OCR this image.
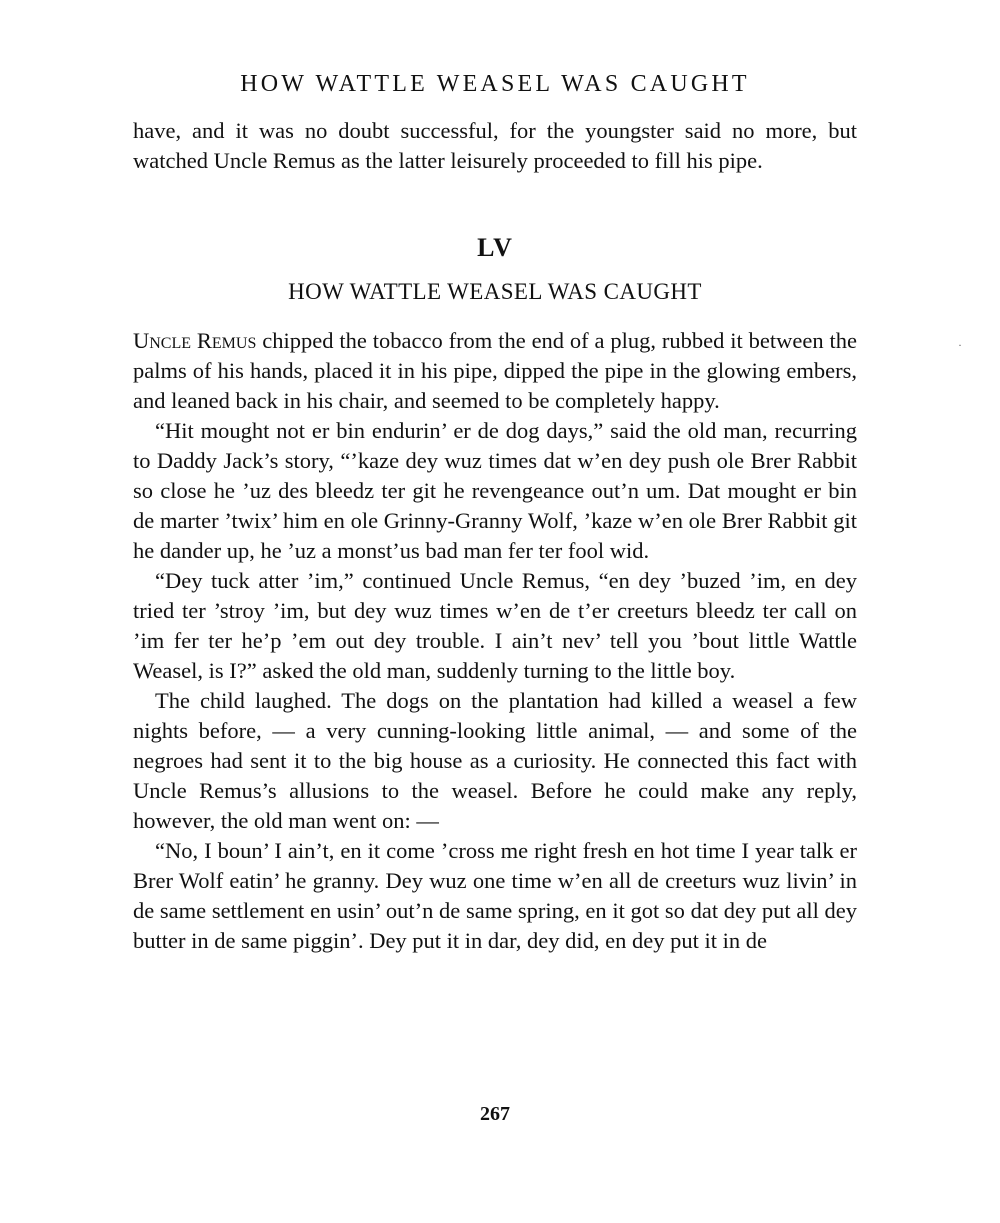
HOW WATTLE WEASEL WAS CAUGHT

have, and it was no doubt successful, for the youngster said no more, but watched Uncle Remus as the latter leisurely proceeded to fill his pipe.

LV
HOW WATTLE WEASEL WAS CAUGHT

Uncle Remus chipped the tobacco from the end of a plug, rubbed it between the palms of his hands, placed it in his pipe, dipped the pipe in the glowing embers, and leaned back in his chair, and seemed to be completely happy.

“Hit mought not er bin endurin’ er de dog days,” said the old man, recurring to Daddy Jack’s story, “’kaze dey wuz times dat w’en dey push ole Brer Rabbit so close he ’uz des bleedz ter git he revengeance out’n um. Dat mought er bin de marter ’twix’ him en ole Grinny-Granny Wolf, ’kaze w’en ole Brer Rabbit git he dander up, he ’uz a monst’us bad man fer ter fool wid.

“Dey tuck atter ’im,” continued Uncle Remus, “en dey ’buzed ’im, en dey tried ter ’stroy ’im, but dey wuz times w’en de t’er creeturs bleedz ter call on ’im fer ter he’p ’em out dey trouble. I ain’t nev’ tell you ’bout little Wattle Weasel, is I?” asked the old man, suddenly turning to the little boy.

The child laughed. The dogs on the plantation had killed a weasel a few nights before, — a very cunning-looking little animal, — and some of the negroes had sent it to the big house as a curiosity. He connected this fact with Uncle Remus’s allusions to the weasel. Before he could make any reply, however, the old man went on: —

“No, I boun’ I ain’t, en it come ’cross me right fresh en hot time I year talk er Brer Wolf eatin’ he granny. Dey wuz one time w’en all de creeturs wuz livin’ in de same settlement en usin’ out’n de same spring, en it got so dat dey put all dey butter in de same piggin’. Dey put it in dar, dey did, en dey put it in de

267
·
